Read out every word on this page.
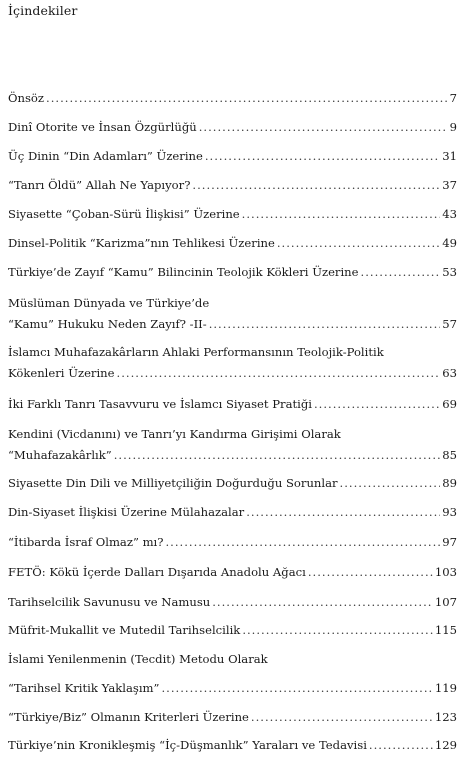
İçindekiler
Önsöz .....	7
Dinî Otorite ve İnsan Özgürlüğü .....	9
Üç Dinin “Din Adamları” Üzerine .....	31
“Tanrı Öldü” Allah Ne Yapıyor? .....	37
Siyasette “Çoban-Sürü İlişkisi” Üzerine .....	43
Dinsel-Politik “Karizma”nın Tehlikesi Üzerine .....	49
Türkiye’de Zayıf “Kamu” Bilincinin Teolojik Kökleri Üzerine .....	53
Müslüman Dünyada ve Türkiye’de
“Kamu” Hukuku Neden Zayıf? -II- .....	57
İslamcı Muhafazakârların Ahlaki Performansının Teolojik-Politik
Kökenleri Üzerine .....	63
İki Farklı Tanrı Tasavvuru ve İslamcı Siyaset Pratiği .....	69
Kendini (Vicdanını) ve Tanrı’yı Kandırma Girişimi Olarak
“Muhafazakârlık” .....	85
Siyasette Din Dili ve Milliyetçiliğin Doğurduğu Sorunlar .....	89
Din-Siyaset İlişkisi Üzerine Mülahazalar .....	93
“İtibarda İsraf Olmaz” mı? .....	97
FETÖ: Kökü İçerde Dalları Dışarıda Anadolu Ağacı .....	103
Tarihselcilik Savunusu ve Namusu .....	107
Müfrit-Mukallit ve Mutedil Tarihselcilik .....	115
İslami Yenilenmenin (Tecdit) Metodu Olarak
“Tarihsel Kritik Yaklaşım” .....	119
“Türkiye/Biz” Olmanın Kriterleri Üzerine .....	123
Türkiye’nin Kronikleşmiş “İç-Düşmanlık” Yaraları ve Tedavisi .....	129
